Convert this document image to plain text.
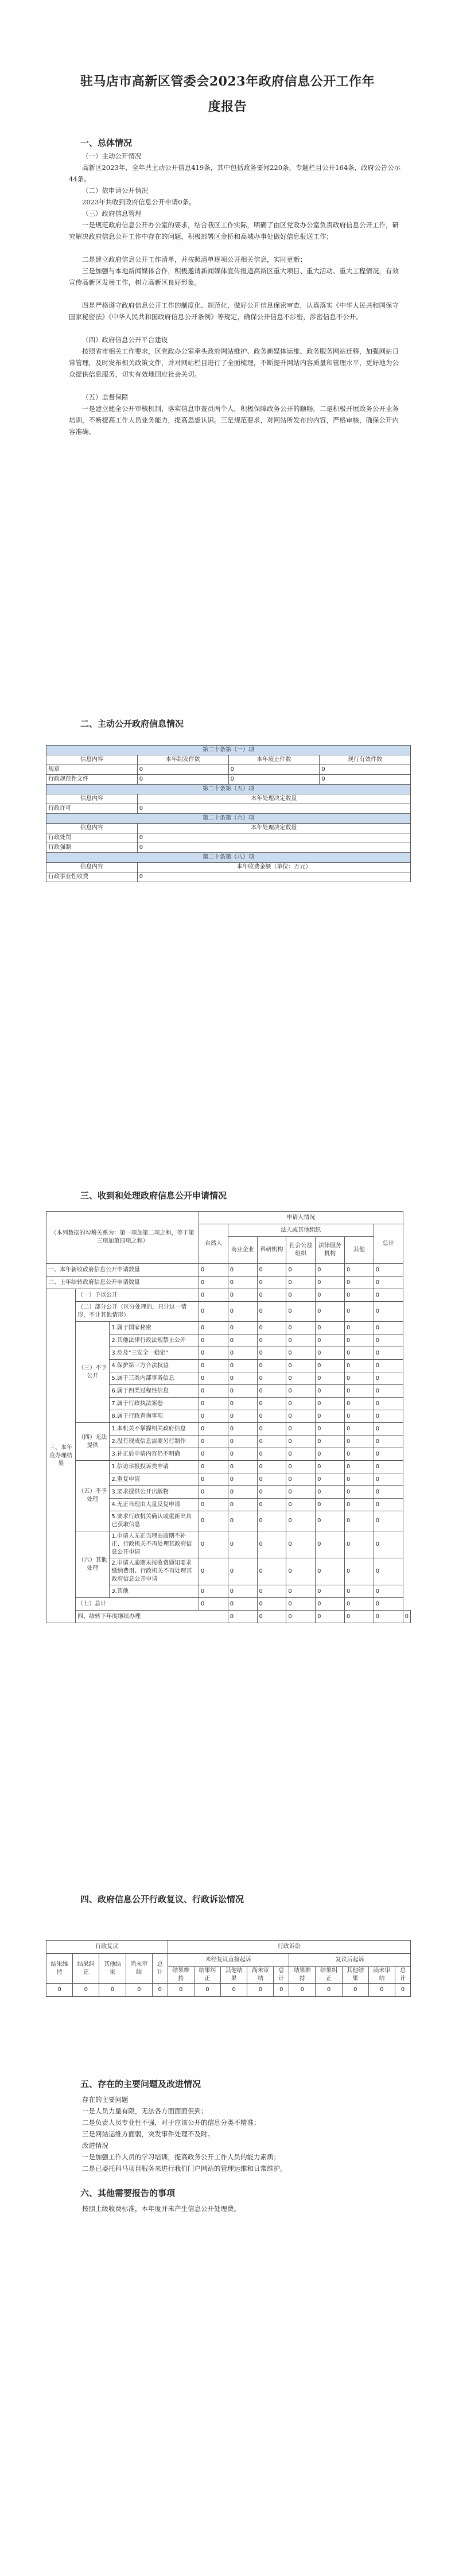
驻马店市高新区管委会2023年政府信息公开工作年
度报告
一、总体情况

（一）主动公开情况

高新区2023年，全年共主动公开信息419条，其中包括政务要闻220条，专题栏目公开164条，政府公告公示44条。

（二）依申请公开情况

2023年共收到政府信息公开申请0条。

（三）政府信息管理

一是规范政府信息公开办公室的要求，结合我区工作实际，明确了由区党政办公室负责政府信息公开工作，研究解决政府信息公开工作中存在的问题，积极部署区金桥和高城办事处做好信息报送工作；

二是建立政府信息公开工作清单，并按照清单逐项公开相关信息，实时更新；

三是加强与本地新闻媒体合作，积极邀请新闻媒体宣传报道高新区重大项目、重大活动、重大工程情况，有效宣传高新区发展工作，树立高新区良好形象。

四是严格遵守政府信息公开工作的制度化、规范化，做好公开信息保密审查，认真落实《中华人民共和国保守国家秘密法》《中华人民共和国政府信息公开条例》等规定，确保公开信息不涉密，涉密信息不公开。

（四）政府信息公开平台建设

按照省市相关工作要求，区党政办公室牵头政府网站维护、政务新媒体运维、政务服务网站迁移，加强网站日常管理，及时发布相关政策文件，并对网站栏目进行了全面梳理，不断提升网站内容质量和管理水平，更好地为公众提供信息服务，切实有效地回应社会关切。

（五）监督保障

一是建立健全公开审核机制，落实信息审查员两个人，积极保障政务公开的顺畅，二是积极开展政务公开业务培训，不断提高工作人员业务能力，提高思想认识。三是规范要求，对网站所发布的内容，严格审核，确保公开内容准确。

二、主动公开政府信息情况
第二十条第（一）项			
信息内容	本年制发件数	本年废止件数	现行有效件数
规章	0	0	0
行政规范性文件	0	0	0
第二十条第（五）项			
信息内容	本年处理决定数量		
行政许可	0		
第二十条第（六）项			
信息内容	本年处理决定数量		
行政处罚	0		
行政强制	0		
第二十条第（八）项			
信息内容	本年收费金额（单位：万元）		
行政事业性收费	0		
三、收到和处理政府信息公开申请情况
（本列数据的勾稽关系为：第一项加第二项之和，等于第三项加第四项之和）			申请人情况							
			自然人	法人或其他组织					总计	
				商业企业	科研机构	社会公益组织	法律服务机构	其他		
一、本年新收政府信息公开申请数量			0	0	0	0	0	0	0	
二、上年结转政府信息公开申请数量			0	0	0	0	0	0	0	
三、本年度办理结果	（一）予以公开		0	0	0	0	0	0	0	
	（二）部分公开（区分处理的，只计这一情形，不计其他情形）		0	0	0	0	0	0	0	
	（三）不予公开	1.属于国家秘密	0	0	0	0	0	0	0	
		2.其他法律行政法规禁止公开	0	0	0	0	0	0	0	
		3.危及"三安全一稳定"	0	0	0	0	0	0	0	
		4.保护第三方合法权益	0	0	0	0	0	0	0	
		5.属于三类内部事务信息	0	0	0	0	0	0	0	
		6.属于四类过程性信息	0	0	0	0	0	0	0	
		7.属于行政执法案卷	0	0	0	0	0	0	0	
		8.属于行政查询事项	0	0	0	0	0	0	0	
	（四）无法提供	1.本机关不掌握相关政府信息	0	0	0	0	0	0	0	
		2.没有现成信息需要另行制作	0	0	0	0	0	0	0	
		3.补正后申请内容仍不明确	0	0	0	0	0	0	0	
	（五）不予处理	1.信访举报投诉类申请	0	0	0	0	0	0	0	
		2.重复申请	0	0	0	0	0	0	0	
		3.要求提供公开出版物	0	0	0	0	0	0	0	
		4.无正当理由大量反复申请	0	0	0	0	0	0	0	
		5.要求行政机关确认或重新出具已获取信息	0	0	0	0	0	0	0	
	（六）其他处理	1.申请人无正当理由逾期不补正、行政机关不再处理其政府信息公开申请	0	0	0	0	0	0	0	
		2.申请人逾期未按收费通知要求缴纳费用、行政机关不再处理其政府信息公开申请	0	0	0	0	0	0	0	
		3.其他	0	0	0	0	0	0	0	
	（七）总计		0	0	0	0	0	0	0	
	四、结转下年度继续办理			0	0	0	0	0	0	0
四、政府信息公开行政复议、行政诉讼情况
行政复议					行政诉讼									
结果维持	结果纠正	其他结果	尚未审结	总计	未经复议直接起诉					复议后起诉				
					结果维持	结果纠正	其他结果	尚未审结	总计	结果维持	结果纠正	其他结果	尚未审结	总计
0	0	0	0	0	0	0	0	0	0	0	0	0	0	0
五、存在的主要问题及改进情况

存在的主要问题

一是人员力量有限，无法各方面面面俱到；

二是负责人员专业性不强，对于应该公开的信息分类不精准；

三是网站运维方面弱，突发事件处理不及时。

改进情况

一是加强工作人员的学习培训，提高政务公开工作人员的能力素质；

二是已委托科马项目服务来进行我们门户网站的管理运维和日常维护。

六、其他需要报告的事项

按照上级收费标准，本年度并未产生信息公开处理费。
